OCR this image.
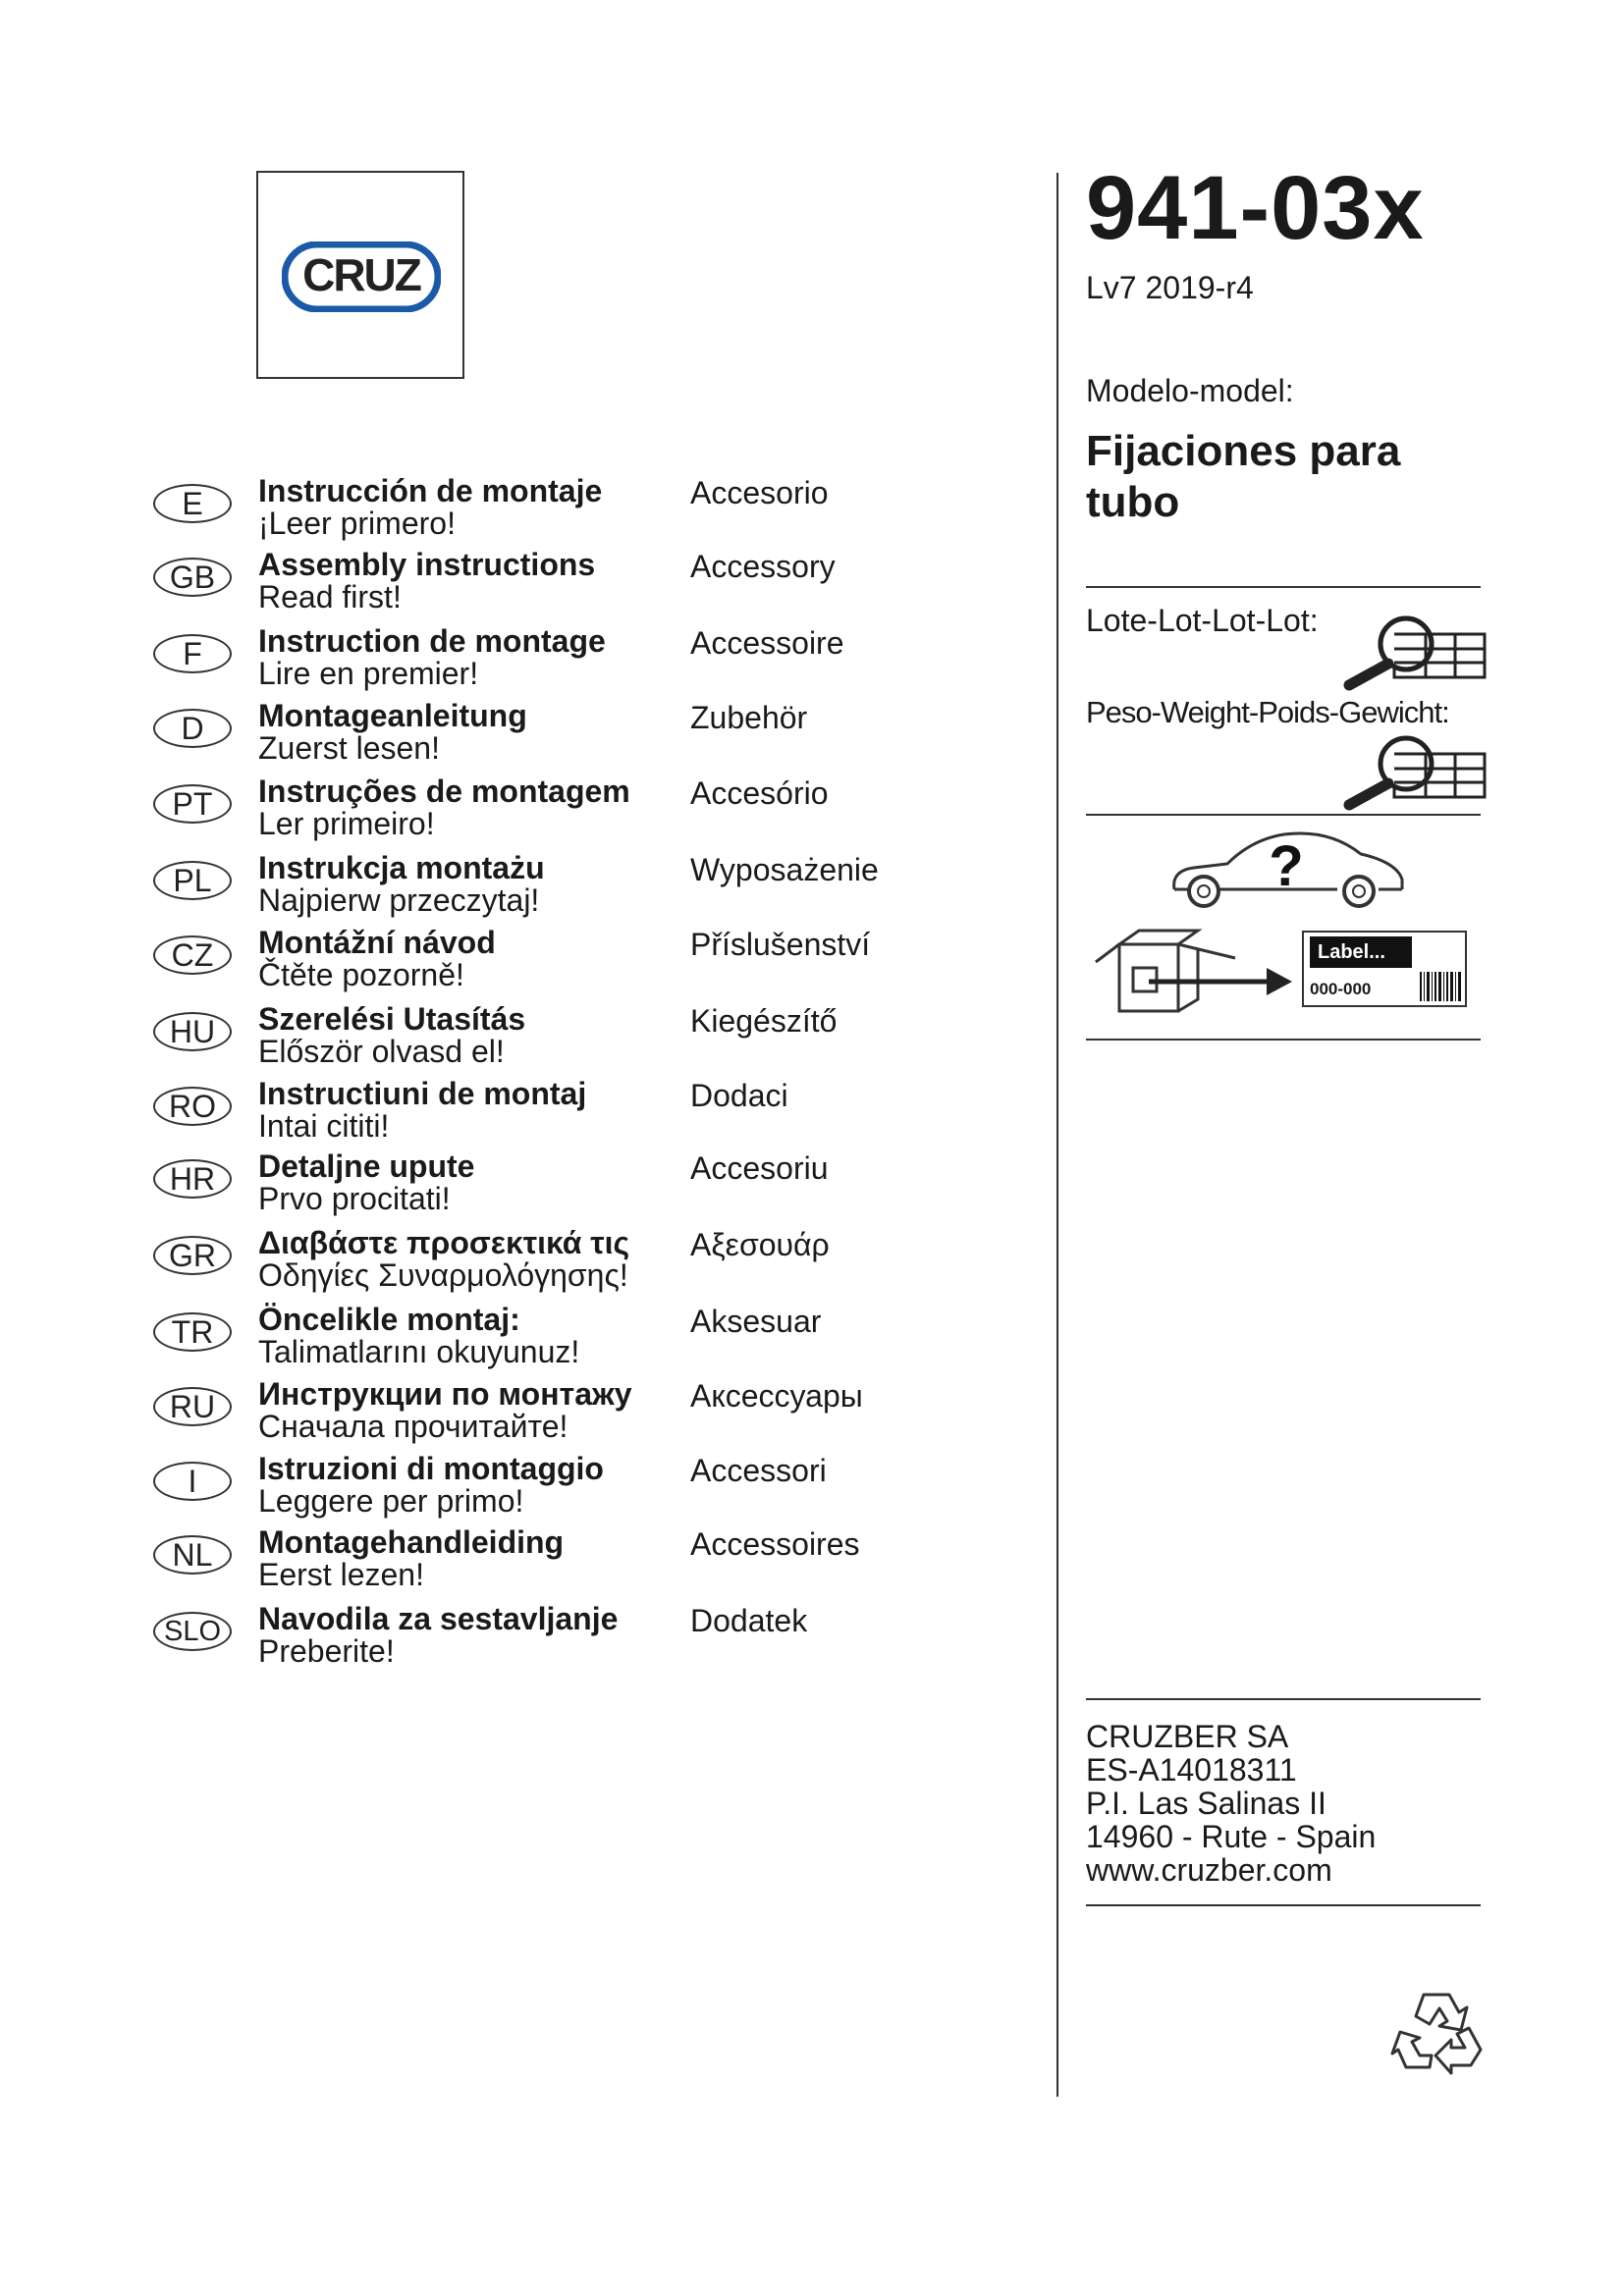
CRUZ
E	Instrucción de montaje
¡Leer primero!
Accesorio
GB	Assembly instructions
Read first!
Accessory
F	Instruction de montage
Lire en premier!
Accessoire
D	Montageanleitung
Zuerst lesen!
Zubehör
PT	Instruções de montagem
Ler primeiro!
Accesório
PL	Instrukcja montażu
Najpierw przeczytaj!
Wyposażenie
CZ	Montážní návod
Čtěte pozorně!
Příslušenství
HU	Szerelési Utasítás
Először olvasd el!
Kiegészítő
RO	Instructiuni de montaj
Intai cititi!
Dodaci
HR	Detaljne upute
Prvo procitati!
Accesoriu
GR	Διαβάστε προσεκτικά τις
Οδηγίες Συναρμολόγησης!
Αξεσουάρ
TR	Öncelikle montaj:
Talimatlarını okuyunuz!
Aksesuar
RU	Инструкции по монтажу
Сначала прочитайте!
Аксессуары
I	Istruzioni di montaggio
Leggere per primo!
Accessori
NL	Montagehandleiding
Eerst lezen!
Accessoires
SLO	Navodila za sestavljanje
Preberite!
Dodatek
941-03x
Lv7 2019-r4
Modelo-model:
Fijaciones para tubo
Lote-Lot-Lot-Lot:
Peso-Weight-Poids-Gewicht:
?
Label...
000-000
CRUZBER SA
ES-A14018311
P.I. Las Salinas II
14960 - Rute - Spain
www.cruzber.com
